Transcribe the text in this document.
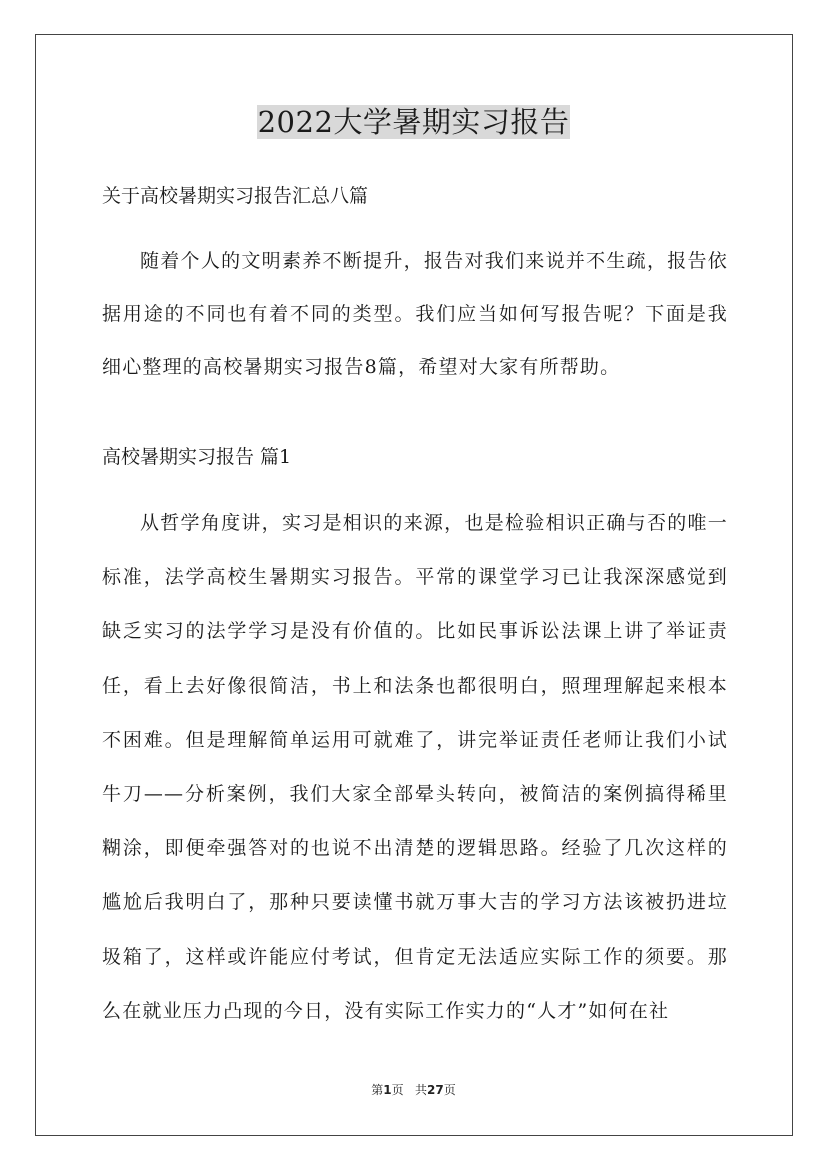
2022大学暑期实习报告
关于高校暑期实习报告汇总八篇

随着个人的文明素养不断提升，报告对我们来说并不生疏，报告依据用途的不同也有着不同的类型。我们应当如何写报告呢？下面是我细心整理的高校暑期实习报告8篇，希望对大家有所帮助。

高校暑期实习报告 篇1

从哲学角度讲，实习是相识的来源，也是检验相识正确与否的唯一标准，法学高校生暑期实习报告。平常的课堂学习已让我深深感觉到缺乏实习的法学学习是没有价值的。比如民事诉讼法课上讲了举证责任，看上去好像很简洁，书上和法条也都很明白，照理理解起来根本不困难。但是理解简单运用可就难了，讲完举证责任老师让我们小试牛刀——分析案例，我们大家全部晕头转向，被简洁的案例搞得稀里糊涂，即便牵强答对的也说不出清楚的逻辑思路。经验了几次这样的尴尬后我明白了，那种只要读懂书就万事大吉的学习方法该被扔进垃圾箱了，这样或许能应付考试，但肯定无法适应实际工作的须要。那么在就业压力凸现的今日，没有实际工作实力的“人才”如何在社

第1页   共27页
